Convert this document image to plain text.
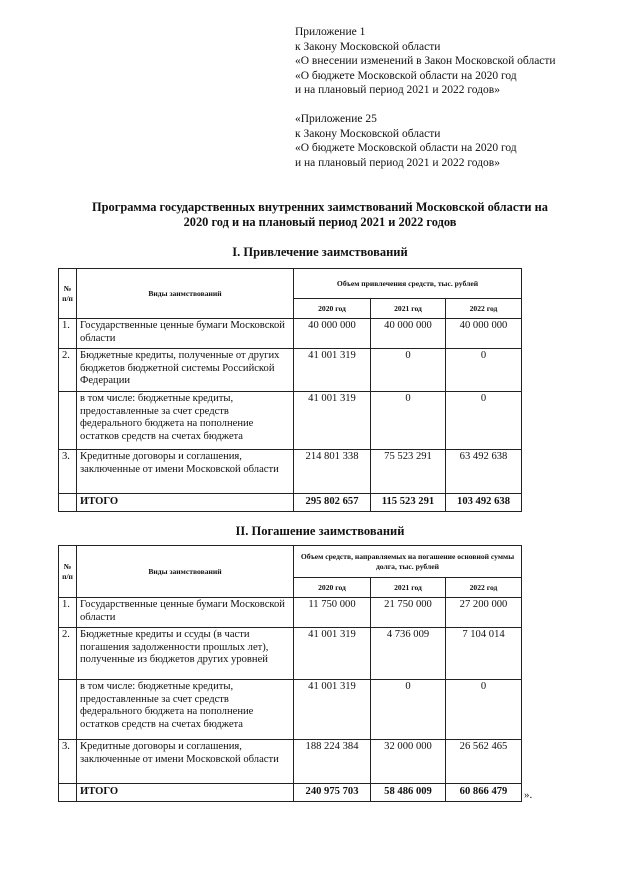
Приложение 1
к Закону Московской области
«О внесении изменений в Закон Московской области
«О бюджете Московской области на 2020 год
и на плановый период 2021 и 2022 годов»
«Приложение 25
к Закону Московской области
«О бюджете Московской области на 2020 год
и на плановый период 2021 и 2022 годов»
Программа государственных внутренних заимствований Московской области на
2020 год и на плановый период 2021 и 2022 годов
I. Привлечение заимствований
№ п/п	Виды заимствований	Объем привлечения средств, тыс. рублей		
		2020 год	2021 год	2022 год
1.	Государственные ценные бумаги Московской области	40 000 000	40 000 000	40 000 000
2.	Бюджетные кредиты, полученные от других бюджетов бюджетной системы Российской Федерации	41 001 319	0	0
	в том числе: бюджетные кредиты, предоставленные за счет средств федерального бюджета на пополнение остатков средств на счетах бюджета	41 001 319	0	0
3.	Кредитные договоры и соглашения, заключенные от имени Московской области	214 801 338	75 523 291	63 492 638
	ИТОГО	295 802 657	115 523 291	103 492 638
II. Погашение заимствований
№ п/п	Виды заимствований	Объем средств, направляемых на погашение основной суммы долга, тыс. рублей		
		2020 год	2021 год	2022 год
1.	Государственные ценные бумаги Московской области	11 750 000	21 750 000	27 200 000
2.	Бюджетные кредиты и ссуды (в части погашения задолженности прошлых лет), полученные из бюджетов других уровней	41 001 319	4 736 009	7 104 014
	в том числе: бюджетные кредиты, предоставленные за счет средств федерального бюджета на пополнение остатков средств на счетах бюджета	41 001 319	0	0
3.	Кредитные договоры и соглашения, заключенные от имени Московской области	188 224 384	32 000 000	26 562 465
	ИТОГО	240 975 703	58 486 009	60 866 479 ».
